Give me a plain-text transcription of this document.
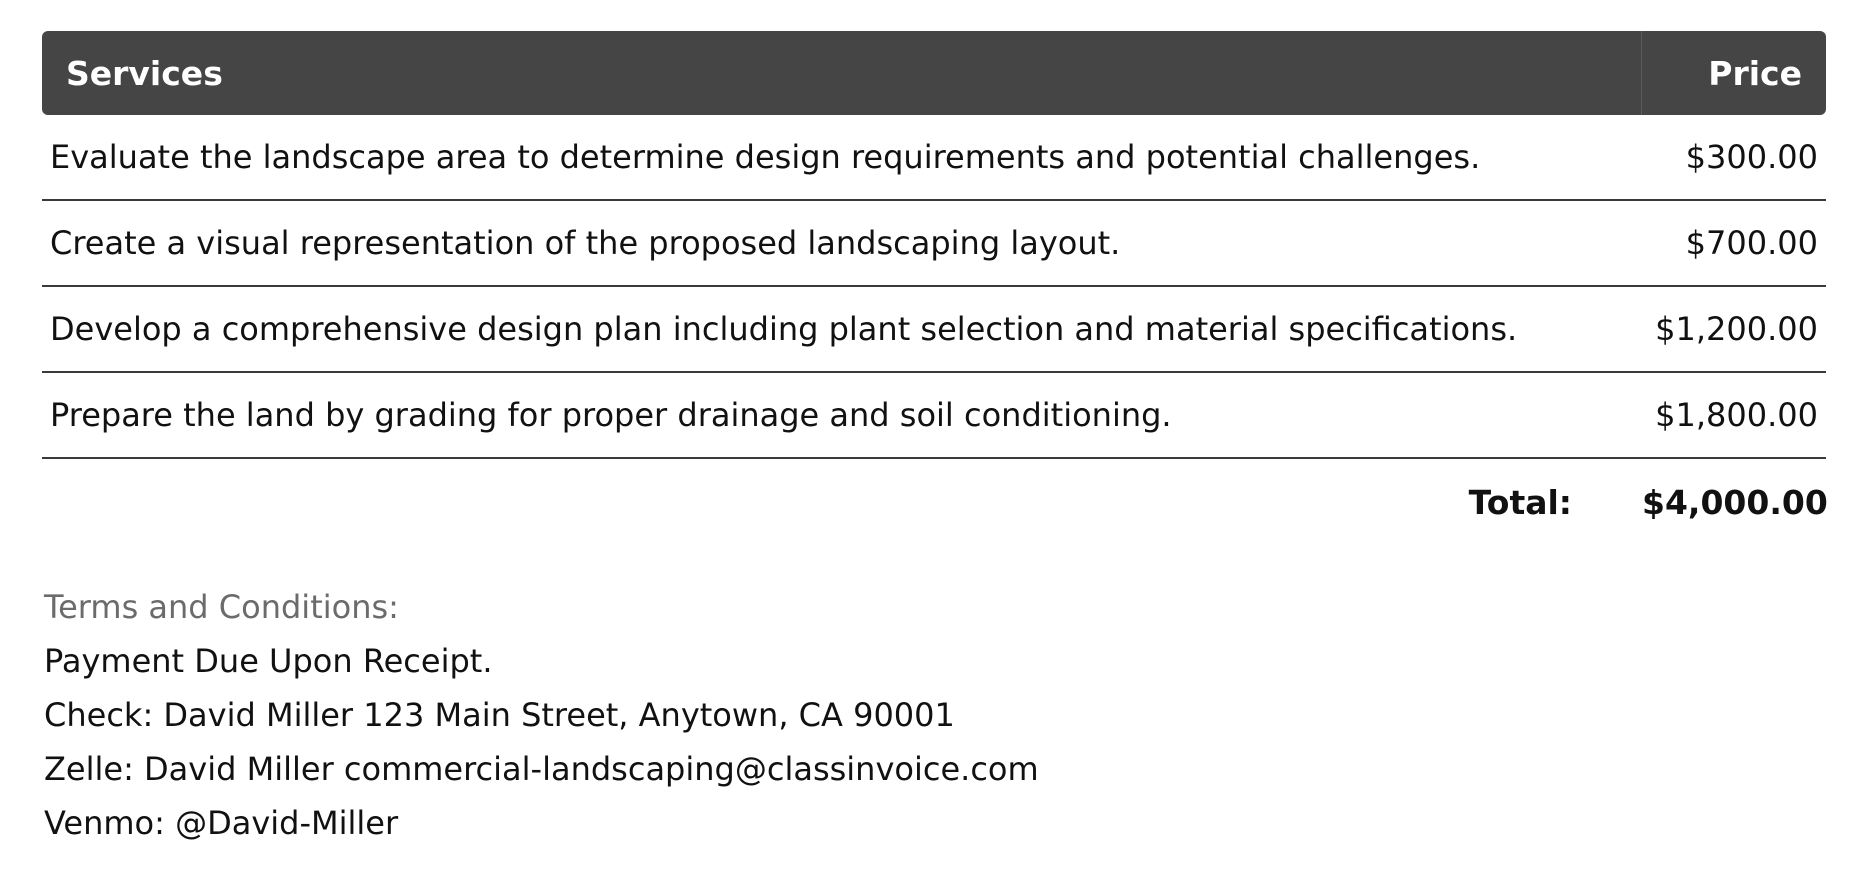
Services	Price
Evaluate the landscape area to determine design requirements and potential challenges.	$300.00
Create a visual representation of the proposed landscaping layout.	$700.00
Develop a comprehensive design plan including plant selection and material specifications.	$1,200.00
Prepare the land by grading for proper drainage and soil conditioning.	$1,800.00
Total:	$4,000.00
Terms and Conditions:
Payment Due Upon Receipt.
Check: David Miller 123 Main Street, Anytown, CA 90001
Zelle: David Miller commercial-landscaping@classinvoice.com
Venmo: @David-Miller
